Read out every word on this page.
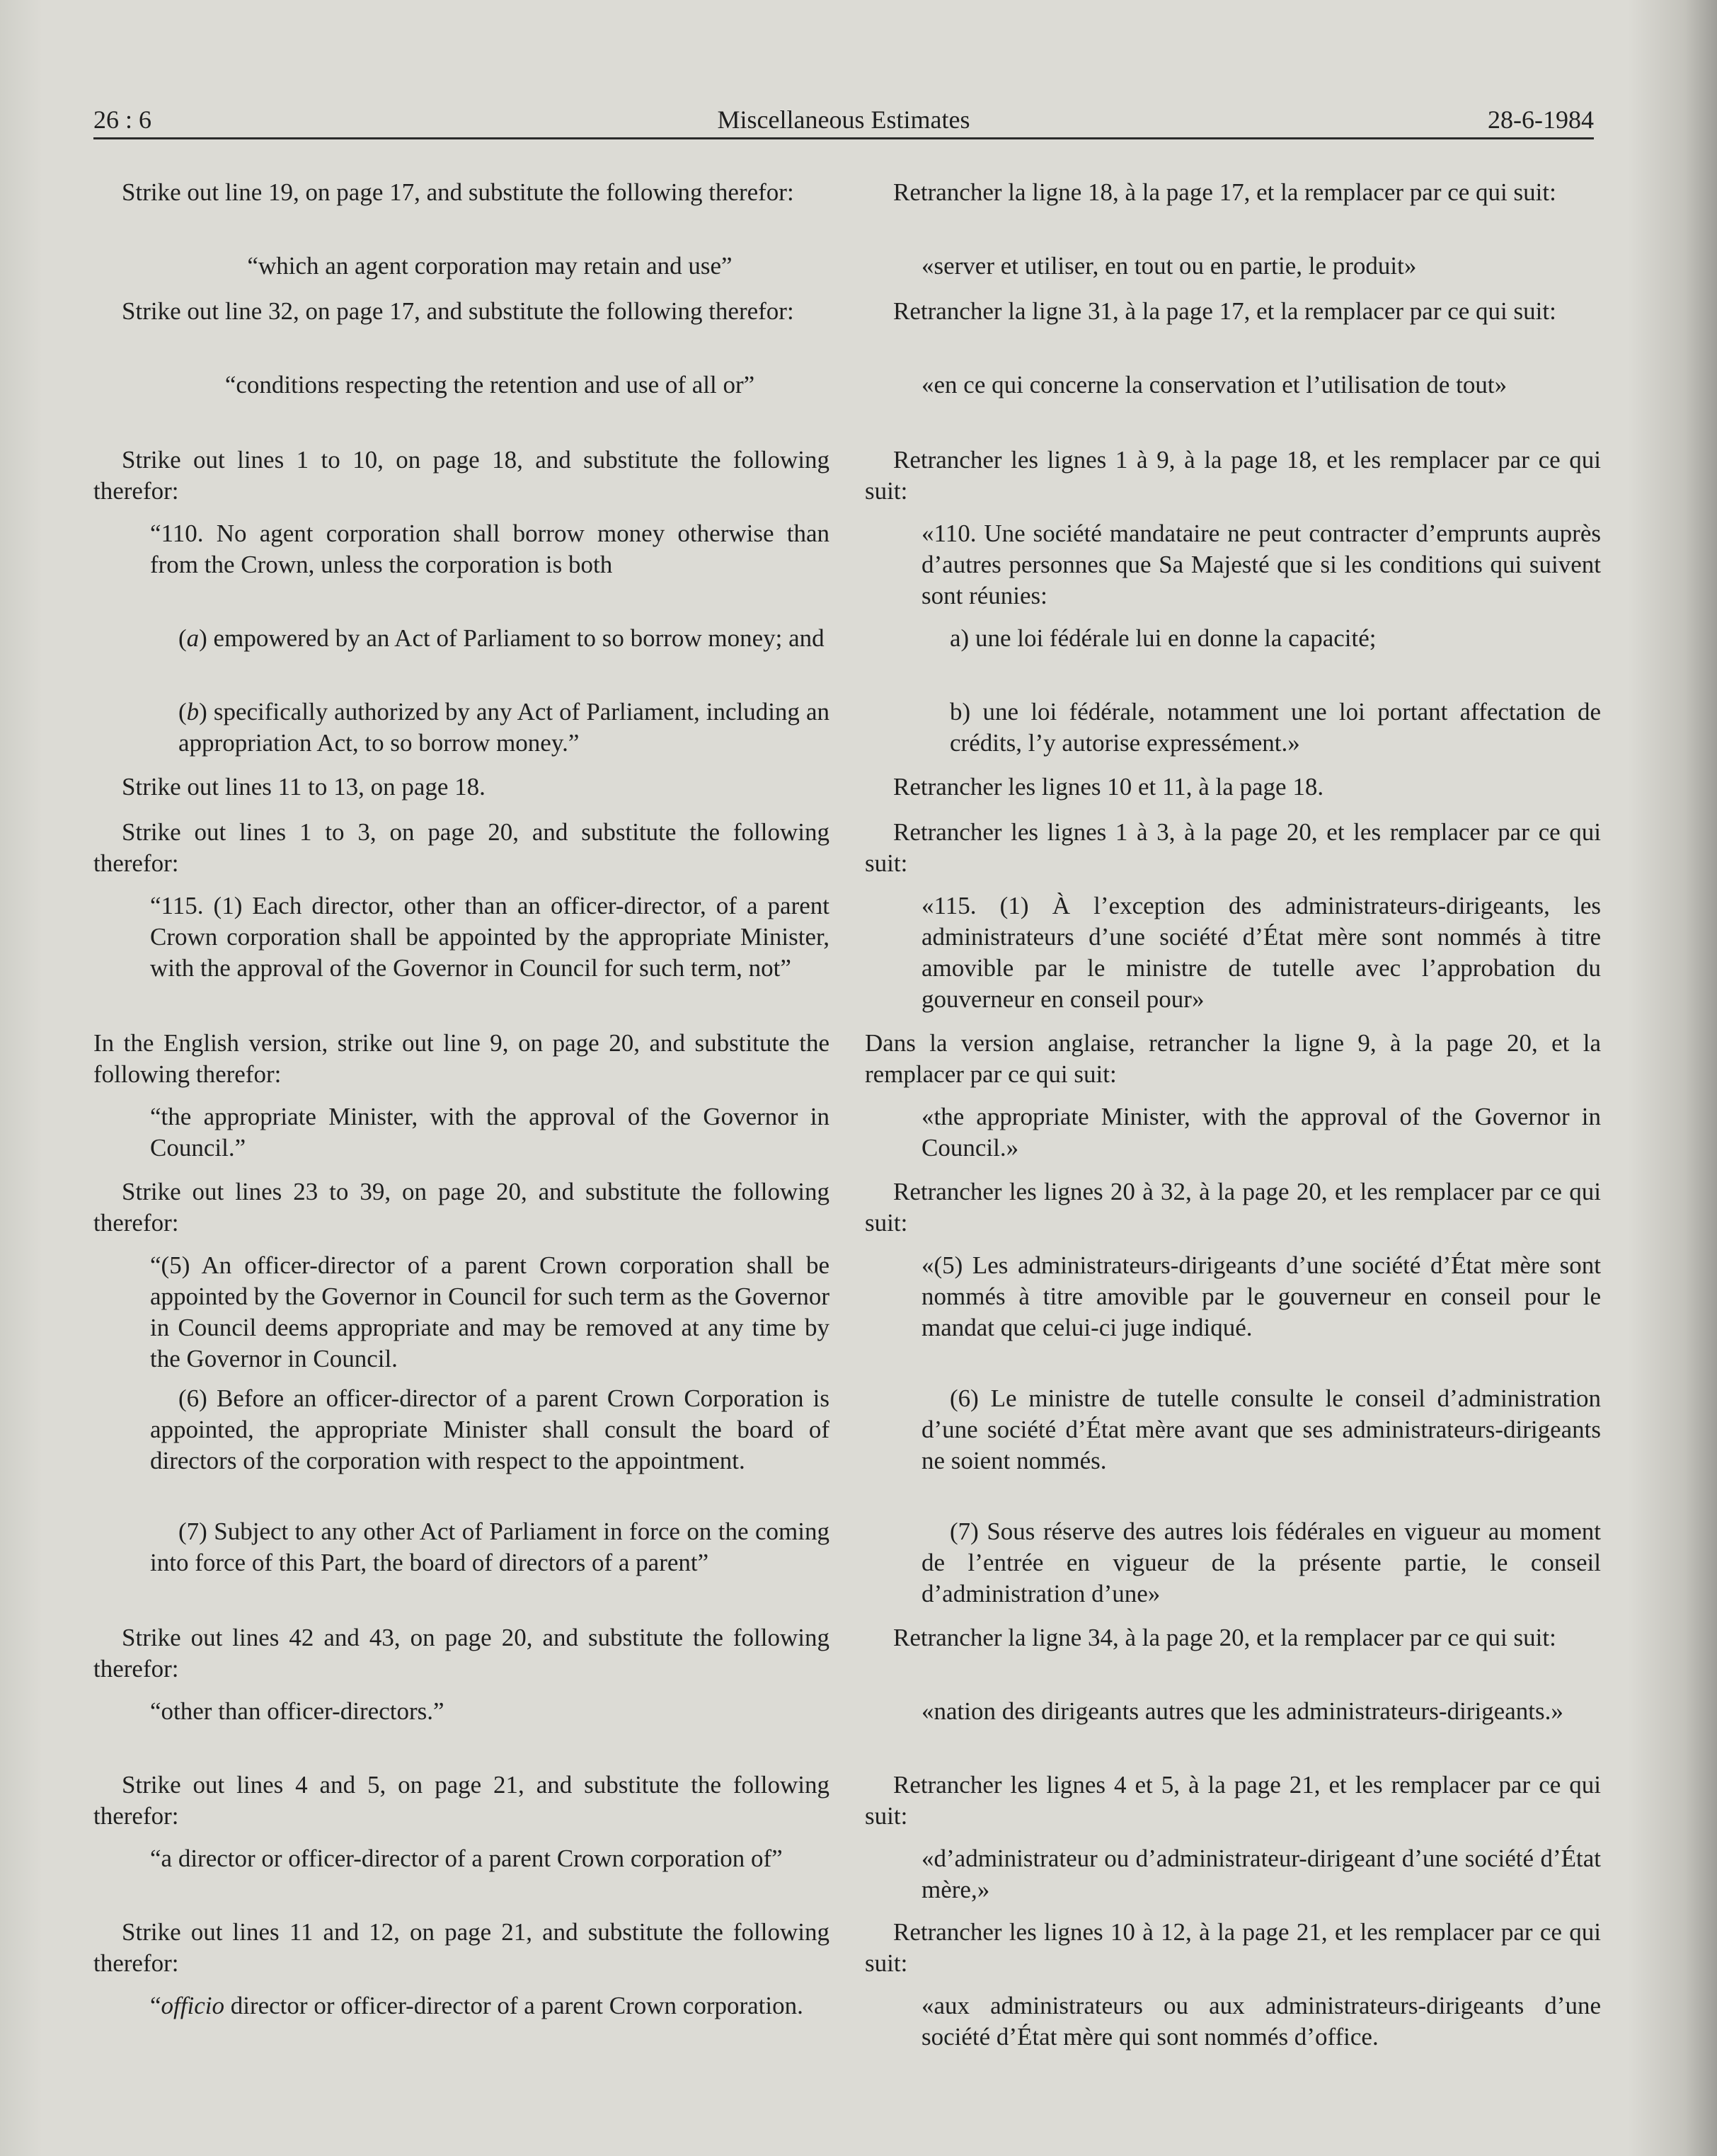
26 : 6	Miscellaneous Estimates	28-6-1984

Strike out line 19, on page 17, and substitute the following therefor:

“which an agent corporation may retain and use”

Strike out line 32, on page 17, and substitute the following therefor:

“conditions respecting the retention and use of all or”

Strike out lines 1 to 10, on page 18, and substitute the following therefor:

“110. No agent corporation shall borrow money otherwise than from the Crown, unless the corporation is both

(a) empowered by an Act of Parliament to so borrow money; and

(b) specifically authorized by any Act of Parliament, including an appropriation Act, to so borrow money.”

Strike out lines 11 to 13, on page 18.

Strike out lines 1 to 3, on page 20, and substitute the following therefor:

“115. (1) Each director, other than an officer-director, of a parent Crown corporation shall be appointed by the appropriate Minister, with the approval of the Governor in Council for such term, not”

In the English version, strike out line 9, on page 20, and substitute the following therefor:

“the appropriate Minister, with the approval of the Governor in Council.”

Strike out lines 23 to 39, on page 20, and substitute the following therefor:

“(5) An officer-director of a parent Crown corporation shall be appointed by the Governor in Council for such term as the Governor in Council deems appropriate and may be removed at any time by the Governor in Council.

(6) Before an officer-director of a parent Crown Corporation is appointed, the appropriate Minister shall consult the board of directors of the corporation with respect to the appointment.

(7) Subject to any other Act of Parliament in force on the coming into force of this Part, the board of directors of a parent”

Strike out lines 42 and 43, on page 20, and substitute the following therefor:

“other than officer-directors.”

Strike out lines 4 and 5, on page 21, and substitute the following therefor:

“a director or officer-director of a parent Crown corporation of”

Strike out lines 11 and 12, on page 21, and substitute the following therefor:

“officio director or officer-director of a parent Crown corporation.

Retrancher la ligne 18, à la page 17, et la remplacer par ce qui suit:

«server et utiliser, en tout ou en partie, le produit»

Retrancher la ligne 31, à la page 17, et la remplacer par ce qui suit:

«en ce qui concerne la conservation et l’utilisation de tout»

Retrancher les lignes 1 à 9, à la page 18, et les remplacer par ce qui suit:

«110. Une société mandataire ne peut contracter d’emprunts auprès d’autres personnes que Sa Majesté que si les conditions qui suivent sont réunies:

a) une loi fédérale lui en donne la capacité;

b) une loi fédérale, notamment une loi portant affectation de crédits, l’y autorise expressément.»

Retrancher les lignes 10 et 11, à la page 18.

Retrancher les lignes 1 à 3, à la page 20, et les remplacer par ce qui suit:

«115. (1) À l’exception des administrateurs-dirigeants, les administrateurs d’une société d’État mère sont nommés à titre amovible par le ministre de tutelle avec l’approbation du gouverneur en conseil pour»

Dans la version anglaise, retrancher la ligne 9, à la page 20, et la remplacer par ce qui suit:

«the appropriate Minister, with the approval of the Governor in Council.»

Retrancher les lignes 20 à 32, à la page 20, et les remplacer par ce qui suit:

«(5) Les administrateurs-dirigeants d’une société d’État mère sont nommés à titre amovible par le gouverneur en conseil pour le mandat que celui-ci juge indiqué.

(6) Le ministre de tutelle consulte le conseil d’administration d’une société d’État mère avant que ses administrateurs-dirigeants ne soient nommés.

(7) Sous réserve des autres lois fédérales en vigueur au moment de l’entrée en vigueur de la présente partie, le conseil d’administration d’une»

Retrancher la ligne 34, à la page 20, et la remplacer par ce qui suit:

«nation des dirigeants autres que les administrateurs-dirigeants.»

Retrancher les lignes 4 et 5, à la page 21, et les remplacer par ce qui suit:

«d’administrateur ou d’administrateur-dirigeant d’une société d’État mère,»

Retrancher les lignes 10 à 12, à la page 21, et les remplacer par ce qui suit:

«aux administrateurs ou aux administrateurs-dirigeants d’une société d’État mère qui sont nommés d’office.
